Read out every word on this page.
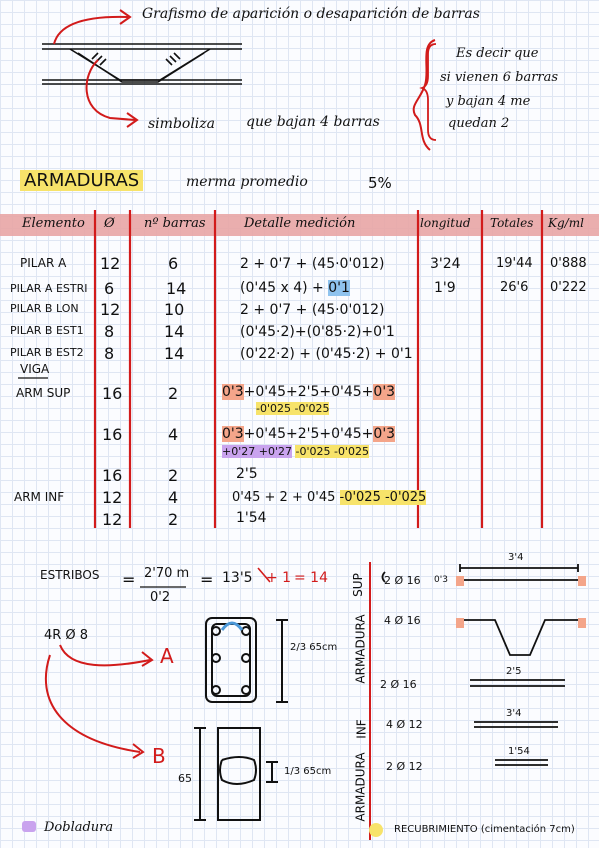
Grafismo de aparición o desaparición de barras
simboliza que bajan 4 barras
Es decir que
si vienen 6 barras
y bajan 4 me
quedan 2
ARMADURAS	merma promedio	5%
Elemento Ø nº barras	Detalle medición	longitud Totales Kg/ml
PILAR A 12	6	2 + 0'7 + (45·0'012)	3'24	19'44 0'888
PILAR A ESTRI 6	14	(0'45 x 4) + 0'1	1'9	26'6 0'222
PILAR B LON 12	10	2 + 0'7 + (45·0'012)
PILAR B EST1 8	14	(0'45·2)+(0'85·2)+0'1
PILAR B EST2 8	14	(0'22·2) + (0'45·2) + 0'1
VIGA
ARM SUP 16	2	0'3+0'45+2'5+0'45+0'3
-0'025 -0'025
16	4	0'3+0'45+2'5+0'45+0'3
+0'27 +0'27 -0'025 -0'025
16	2	2'5
ARM INF 12	4	0'45 + 2 + 0'45 -0'025 -0'025
12	2	1'54
ESTRIBOS = 2'70 m
0'2
= 13'5 + 1 = 14
4R Ø 8
A
B
2/3 65cm
1/3 65cm
65
SUP
ARMADURA
INF
ARMADURA
2 Ø 16 0'3
4 Ø 16
2 Ø 16
4 Ø 12
2 Ø 12
3'4
2'5
3'4
1'54
Dobladura	RECUBRIMIENTO (cimentación 7cm)
